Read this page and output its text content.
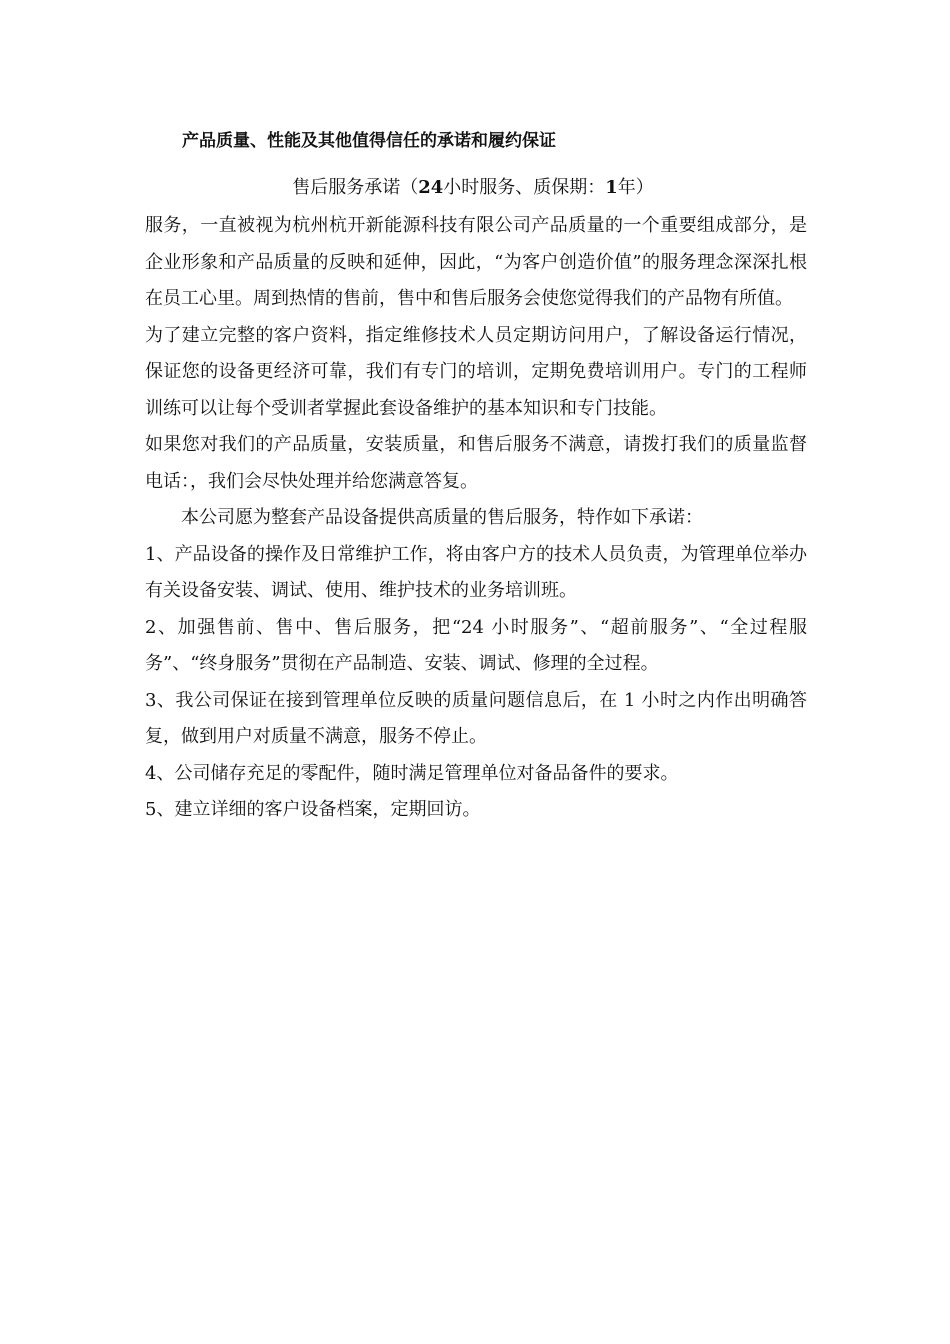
产品质量、性能及其他值得信任的承诺和履约保证
售后服务承诺（24小时服务、质保期：1年）

服务，一直被视为杭州杭开新能源科技有限公司产品质量的一个重要组成部分，是企业形象和产品质量的反映和延伸，因此，“为客户创造价值”的服务理念深深扎根在员工心里。周到热情的售前，售中和售后服务会使您觉得我们的产品物有所值。

为了建立完整的客户资料，指定维修技术人员定期访问用户，了解设备运行情况，保证您的设备更经济可靠，我们有专门的培训，定期免费培训用户。专门的工程师训练可以让每个受训者掌握此套设备维护的基本知识和专门技能。

如果您对我们的产品质量，安装质量，和售后服务不满意，请拨打我们的质量监督电话：，我们会尽快处理并给您满意答复。

本公司愿为整套产品设备提供高质量的售后服务，特作如下承诺：

1、产品设备的操作及日常维护工作，将由客户方的技术人员负责，为管理单位举办有关设备安装、调试、使用、维护技术的业务培训班。

2、加强售前、售中、售后服务，把“24 小时服务”、“超前服务”、“全过程服务”、“终身服务”贯彻在产品制造、安装、调试、修理的全过程。

3、我公司保证在接到管理单位反映的质量问题信息后，在 1 小时之内作出明确答复，做到用户对质量不满意，服务不停止。

4、公司储存充足的零配件，随时满足管理单位对备品备件的要求。

5、建立详细的客户设备档案，定期回访。
